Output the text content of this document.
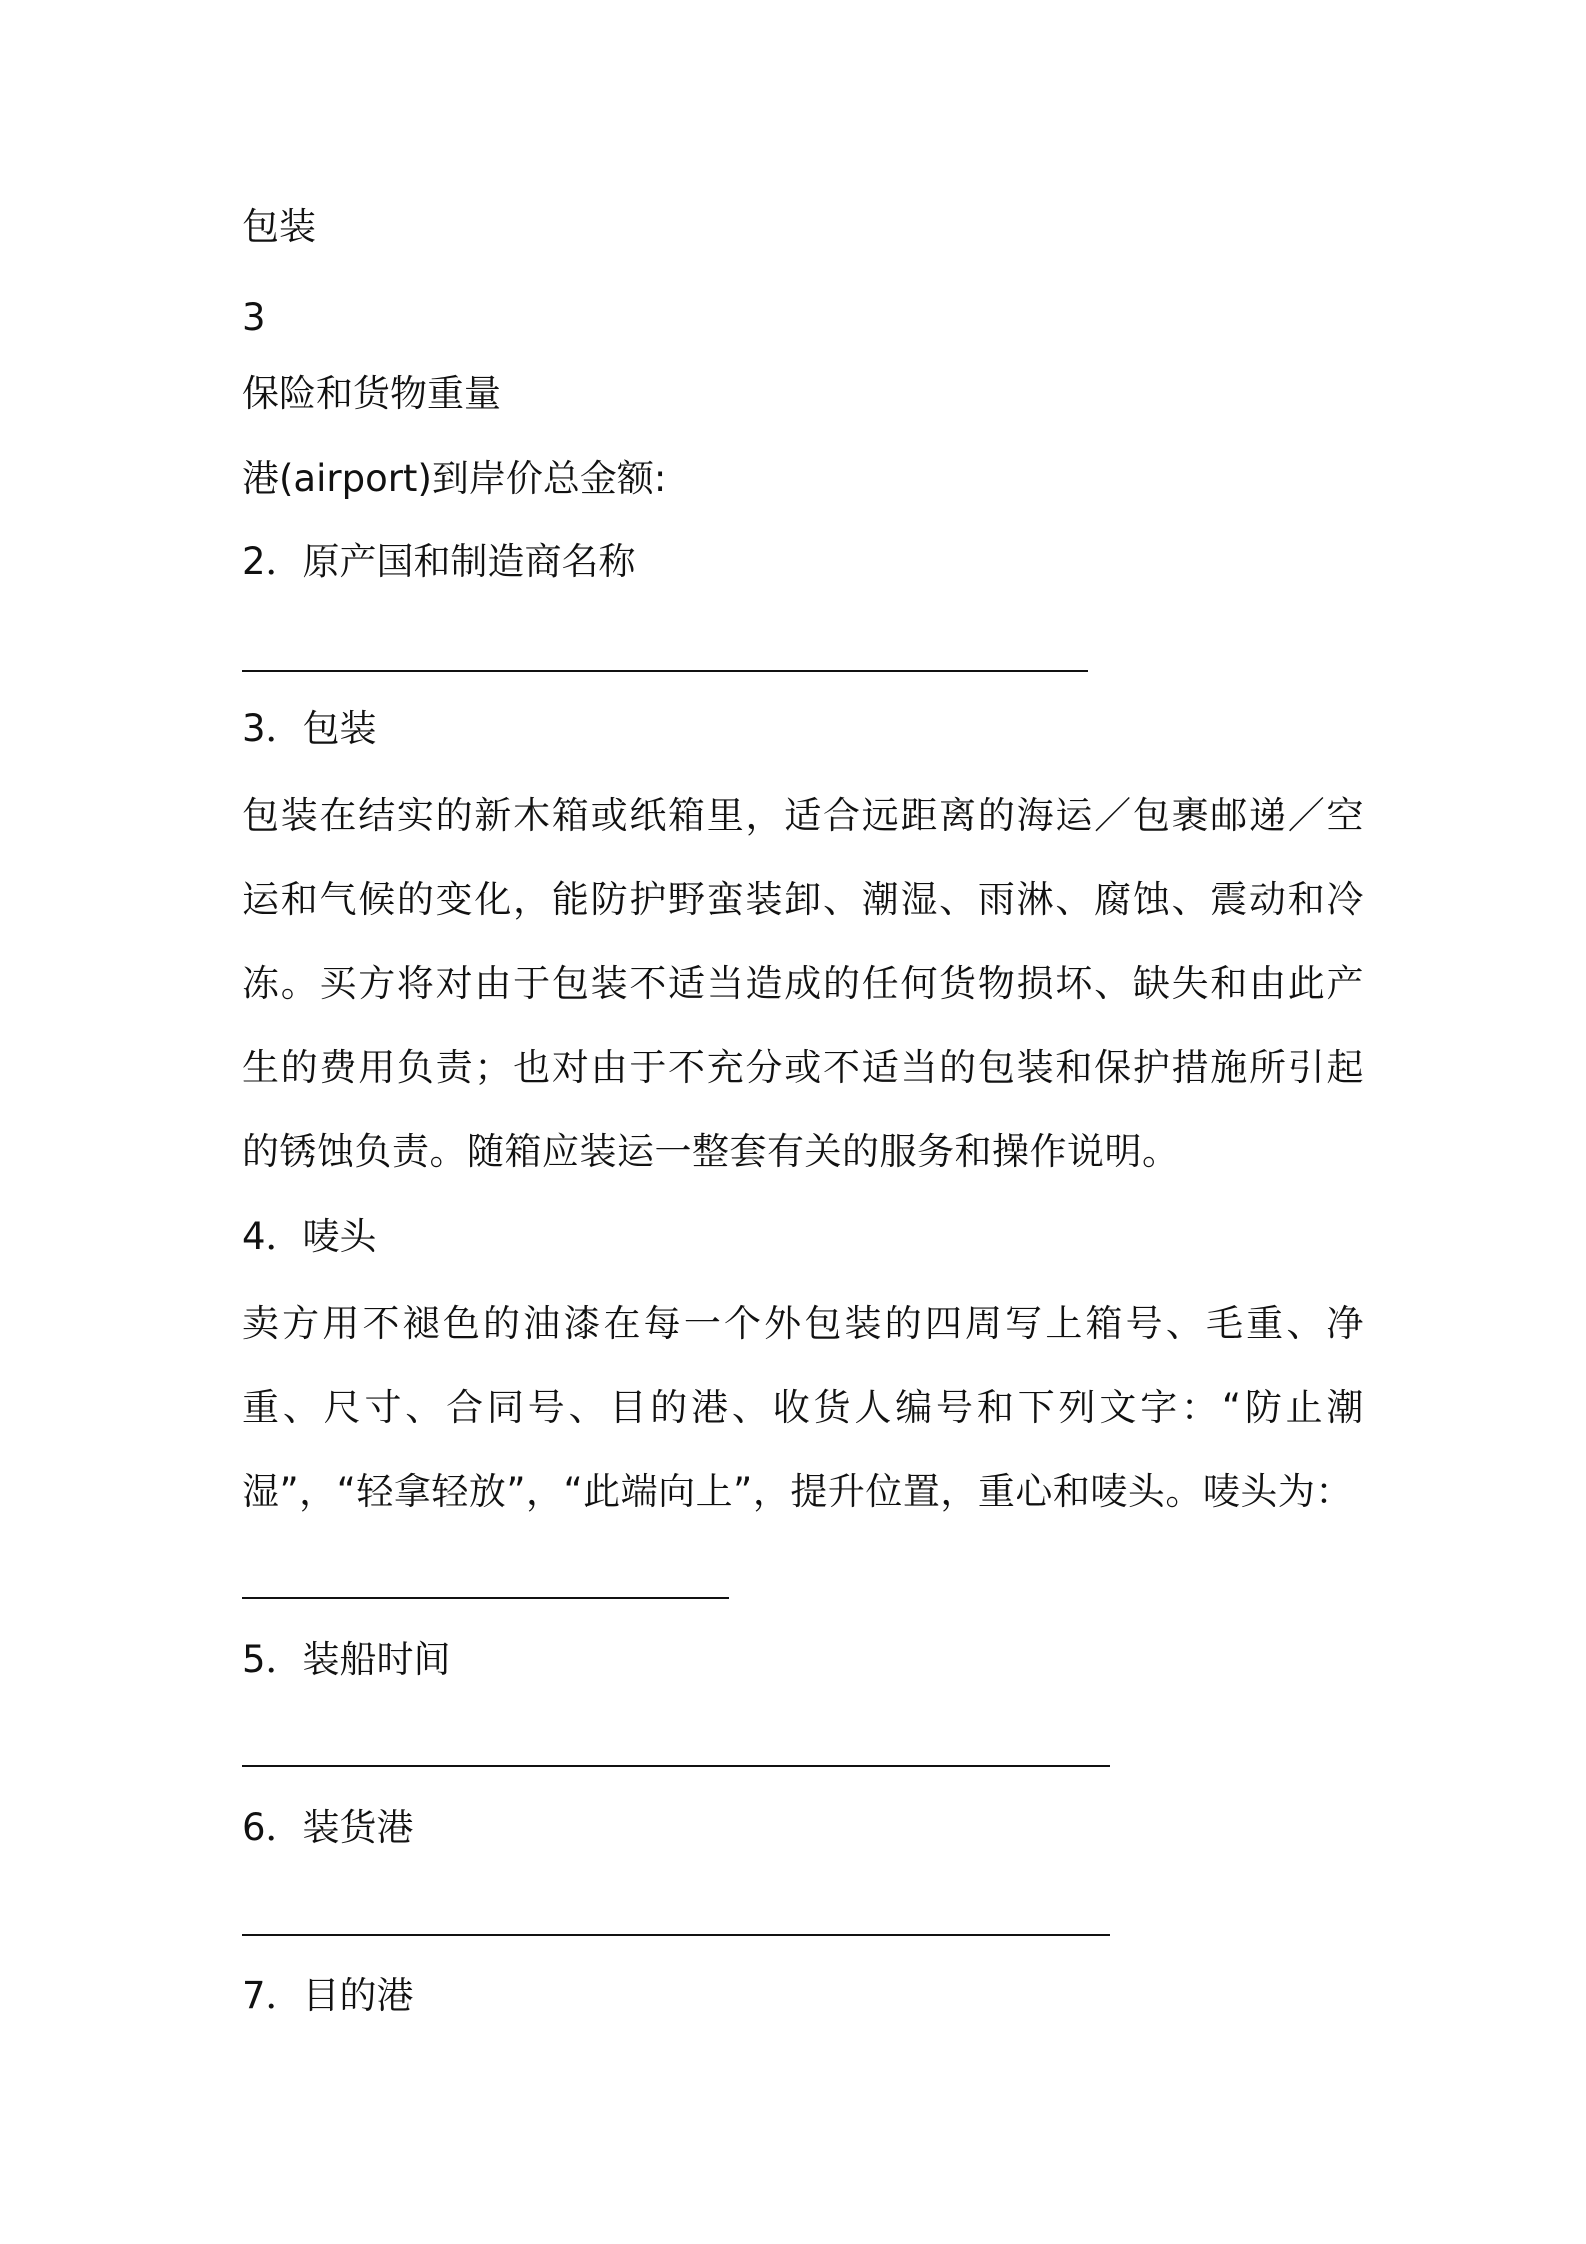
包装
3
保险和货物重量
港(airport)到岸价总金额:
2．原产国和制造商名称
3．包装
包装在结实的新木箱或纸箱里，适合远距离的海运／包裹邮递／空运和气候的变化，能防护野蛮装卸、潮湿、雨淋、腐蚀、震动和冷冻。买方将对由于包装不适当造成的任何货物损坏、缺失和由此产生的费用负责；也对由于不充分或不适当的包装和保护措施所引起的锈蚀负责。随箱应装运一整套有关的服务和操作说明。
4．唛头
卖方用不褪色的油漆在每一个外包装的四周写上箱号、毛重、净重、尺寸、合同号、目的港、收货人编号和下列文字：“防止潮湿”，“轻拿轻放”，“此端向上”，提升位置，重心和唛头。唛头为：
5．装船时间
6．装货港
7．目的港
